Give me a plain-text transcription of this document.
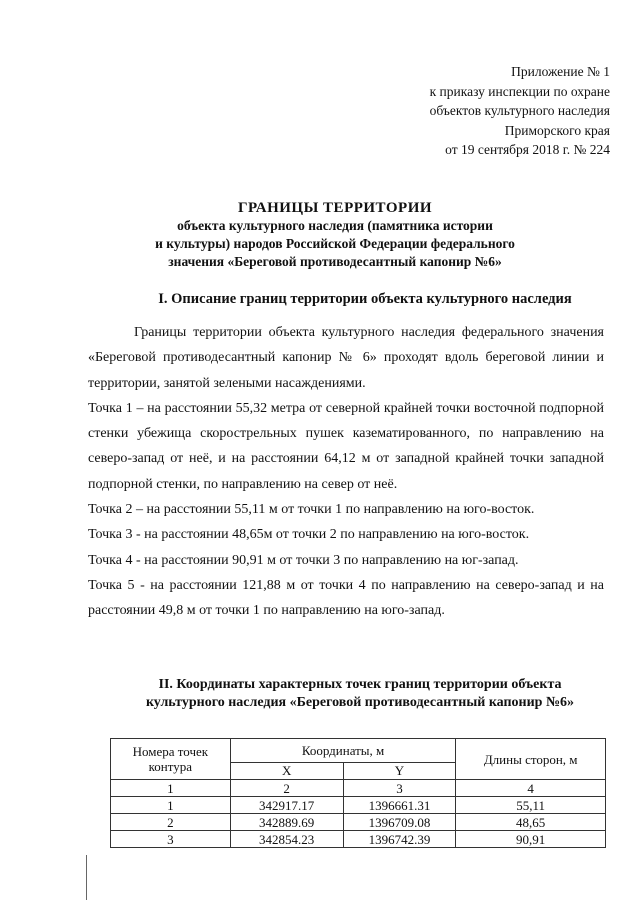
Приложение № 1
к приказу инспекции по охране
объектов культурного наследия
Приморского края
от 19 сентября 2018 г. № 224
ГРАНИЦЫ ТЕРРИТОРИИ
объекта культурного наследия (памятника истории
и культуры) народов Российской Федерации федерального
значения «Береговой противодесантный капонир №6»
I. Описание границ территории объекта культурного наследия

Границы территории объекта культурного наследия федерального значения «Береговой противодесантный капонир № 6» проходят вдоль береговой линии и территории, занятой зелеными насаждениями.

Точка 1 – на расстоянии 55,32 метра от северной крайней точки восточной подпорной стенки убежища скорострельных пушек казематированного, по направлению на северо-запад от неё, и на расстоянии 64,12 м от западной крайней точки западной подпорной стенки, по направлению на север от неё.

Точка 2 – на расстоянии 55,11 м от точки 1 по направлению на юго-восток.

Точка 3 - на расстоянии 48,65м от точки 2 по направлению на юго-восток.

Точка 4 - на расстоянии 90,91 м от точки 3 по направлению на юг-запад.

Точка 5 - на расстоянии 121,88 м от точки 4 по направлению на северо-запад и на расстоянии 49,8 м от точки 1 по направлению на юго-запад.

II. Координаты характерных точек границ территории объекта
культурного наследия «Береговой противодесантный капонир №6»
Номера точек контура	Координаты, м		Длины сторон, м
	X	Y	
1	2	3	4
1	342917.17	1396661.31	55,11
2	342889.69	1396709.08	48,65
3	342854.23	1396742.39	90,91
